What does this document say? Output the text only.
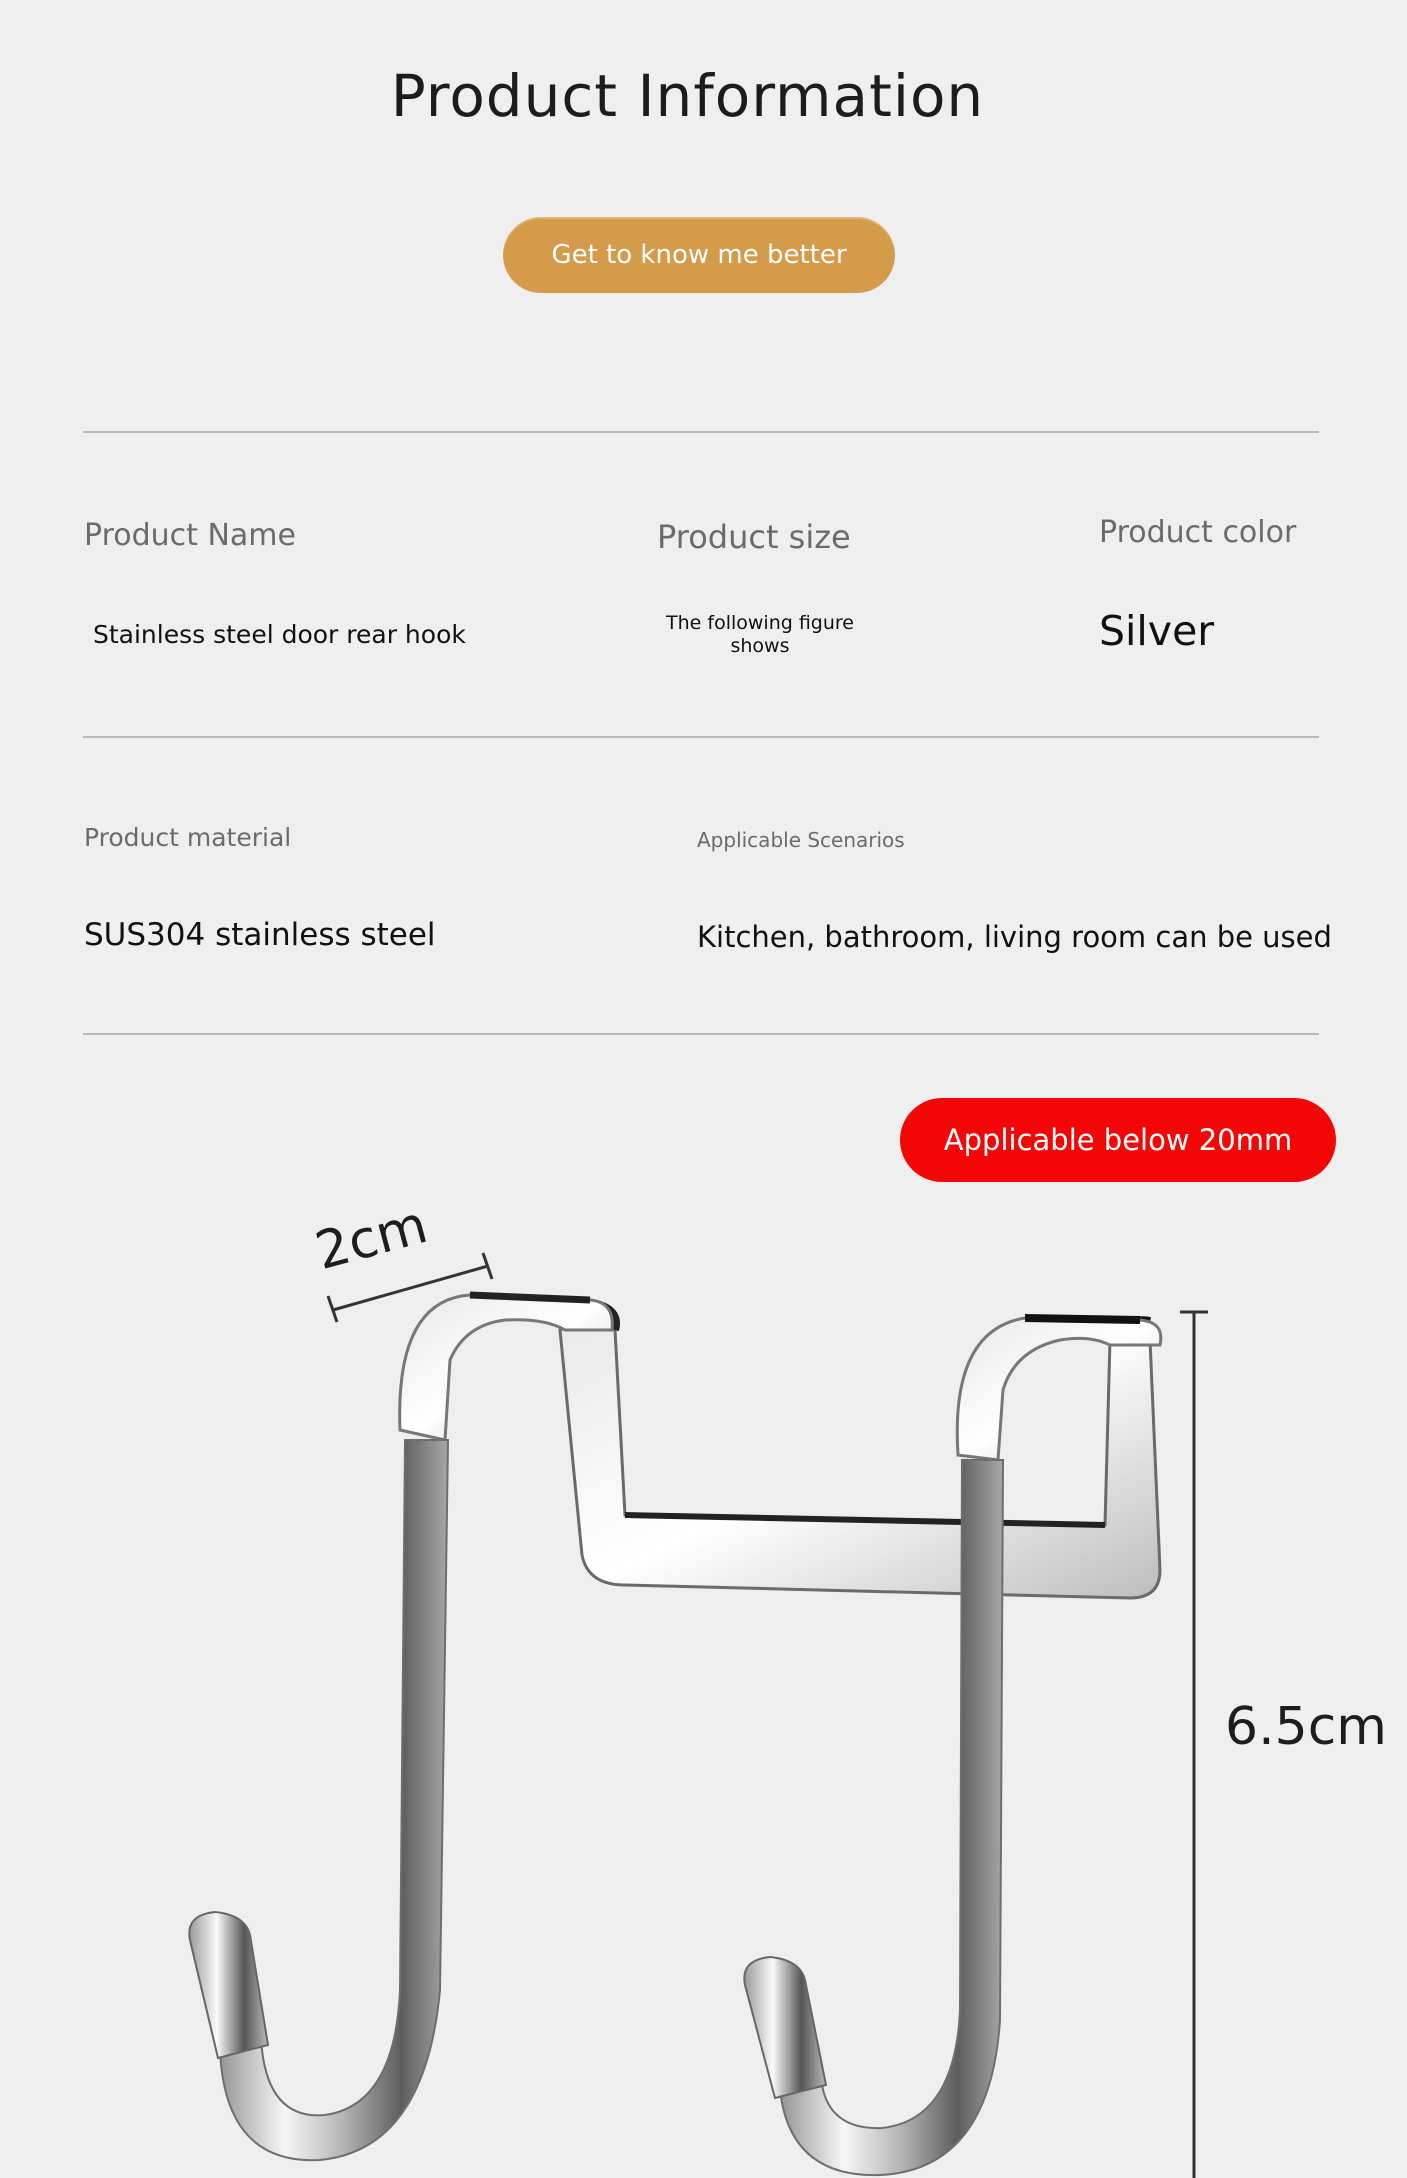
Product Information
Get to know me better
Product Name
Stainless steel door rear hook
Product size
The following figure
shows
Product color
Silver
Product material
SUS304 stainless steel
Applicable Scenarios
Kitchen, bathroom, living room can be used
Applicable below 20mm
2cm
6.5cm
